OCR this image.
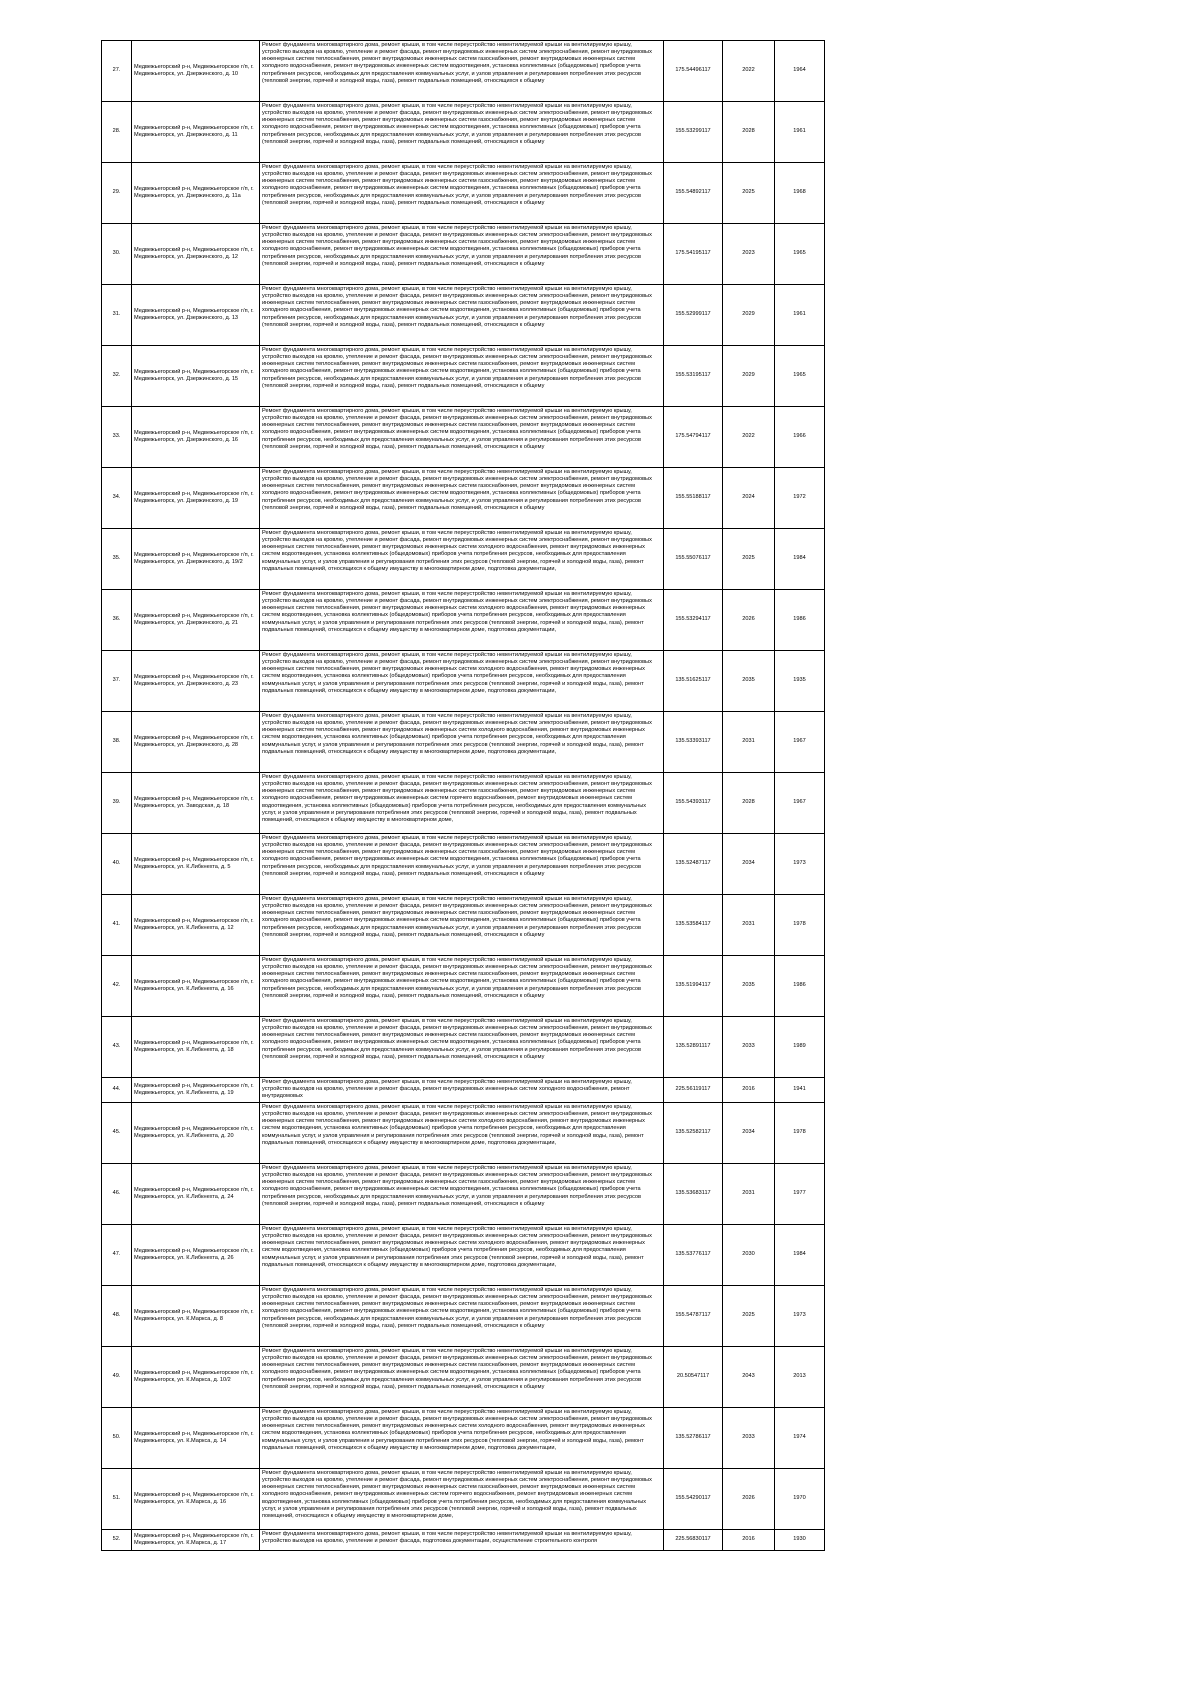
27.	Медвежьегорский р-н, Медвежьегорское г/п, г. Медвежьегорск, ул. Дзержинского, д. 10	Ремонт фундамента многоквартирного дома, ремонт крыши, в том числе переустройство невентилируемой крыши на вентилируемую крышу, устройство выходов на кровлю, утепление и ремонт фасада, ремонт внутридомовых инженерных систем электроснабжения, ремонт внутридомовых инженерных систем теплоснабжения, ремонт внутридомовых инженерных систем газоснабжения, ремонт внутридомовых инженерных систем холодного водоснабжения, ремонт внутридомовых инженерных систем водоотведения, установка коллективных (общедомовых) приборов учета потребления ресурсов, необходимых для предоставления коммунальных услуг, и узлов управления и регулирования потребления этих ресурсов (тепловой энергии, горячей и холодной воды, газа), ремонт подвальных помещений, относящихся к общему	175.54496117	2022	1964
28.	Медвежьегорский р-н, Медвежьегорское г/п, г. Медвежьегорск, ул. Дзержинского, д. 11	Ремонт фундамента многоквартирного дома, ремонт крыши, в том числе переустройство невентилируемой крыши на вентилируемую крышу, устройство выходов на кровлю, утепление и ремонт фасада, ремонт внутридомовых инженерных систем электроснабжения, ремонт внутридомовых инженерных систем теплоснабжения, ремонт внутридомовых инженерных систем газоснабжения, ремонт внутридомовых инженерных систем холодного водоснабжения, ремонт внутридомовых инженерных систем водоотведения, установка коллективных (общедомовых) приборов учета потребления ресурсов, необходимых для предоставления коммунальных услуг, и узлов управления и регулирования потребления этих ресурсов (тепловой энергии, горячей и холодной воды, газа), ремонт подвальных помещений, относящихся к общему	155.53299117	2028	1961
29.	Медвежьегорский р-н, Медвежьегорское г/п, г. Медвежьегорск, ул. Дзержинского, д. 11а	Ремонт фундамента многоквартирного дома, ремонт крыши, в том числе переустройство невентилируемой крыши на вентилируемую крышу, устройство выходов на кровлю, утепление и ремонт фасада, ремонт внутридомовых инженерных систем электроснабжения, ремонт внутридомовых инженерных систем теплоснабжения, ремонт внутридомовых инженерных систем газоснабжения, ремонт внутридомовых инженерных систем холодного водоснабжения, ремонт внутридомовых инженерных систем водоотведения, установка коллективных (общедомовых) приборов учета потребления ресурсов, необходимых для предоставления коммунальных услуг, и узлов управления и регулирования потребления этих ресурсов (тепловой энергии, горячей и холодной воды, газа), ремонт подвальных помещений, относящихся к общему	155.54892117	2025	1968
30.	Медвежьегорский р-н, Медвежьегорское г/п, г. Медвежьегорск, ул. Дзержинского, д. 12	Ремонт фундамента многоквартирного дома, ремонт крыши, в том числе переустройство невентилируемой крыши на вентилируемую крышу, устройство выходов на кровлю, утепление и ремонт фасада, ремонт внутридомовых инженерных систем электроснабжения, ремонт внутридомовых инженерных систем теплоснабжения, ремонт внутридомовых инженерных систем газоснабжения, ремонт внутридомовых инженерных систем холодного водоснабжения, ремонт внутридомовых инженерных систем водоотведения, установка коллективных (общедомовых) приборов учета потребления ресурсов, необходимых для предоставления коммунальных услуг, и узлов управления и регулирования потребления этих ресурсов (тепловой энергии, горячей и холодной воды, газа), ремонт подвальных помещений, относящихся к общему	175.54195117	2023	1965
31.	Медвежьегорский р-н, Медвежьегорское г/п, г. Медвежьегорск, ул. Дзержинского, д. 13	Ремонт фундамента многоквартирного дома, ремонт крыши, в том числе переустройство невентилируемой крыши на вентилируемую крышу, устройство выходов на кровлю, утепление и ремонт фасада, ремонт внутридомовых инженерных систем электроснабжения, ремонт внутридомовых инженерных систем теплоснабжения, ремонт внутридомовых инженерных систем газоснабжения, ремонт внутридомовых инженерных систем холодного водоснабжения, ремонт внутридомовых инженерных систем водоотведения, установка коллективных (общедомовых) приборов учета потребления ресурсов, необходимых для предоставления коммунальных услуг, и узлов управления и регулирования потребления этих ресурсов (тепловой энергии, горячей и холодной воды, газа), ремонт подвальных помещений, относящихся к общему	155.52999117	2029	1961
32.	Медвежьегорский р-н, Медвежьегорское г/п, г. Медвежьегорск, ул. Дзержинского, д. 15	Ремонт фундамента многоквартирного дома, ремонт крыши, в том числе переустройство невентилируемой крыши на вентилируемую крышу, устройство выходов на кровлю, утепление и ремонт фасада, ремонт внутридомовых инженерных систем электроснабжения, ремонт внутридомовых инженерных систем теплоснабжения, ремонт внутридомовых инженерных систем газоснабжения, ремонт внутридомовых инженерных систем холодного водоснабжения, ремонт внутридомовых инженерных систем водоотведения, установка коллективных (общедомовых) приборов учета потребления ресурсов, необходимых для предоставления коммунальных услуг, и узлов управления и регулирования потребления этих ресурсов (тепловой энергии, горячей и холодной воды, газа), ремонт подвальных помещений, относящихся к общему	155.53195117	2029	1965
33.	Медвежьегорский р-н, Медвежьегорское г/п, г. Медвежьегорск, ул. Дзержинского, д. 16	Ремонт фундамента многоквартирного дома, ремонт крыши, в том числе переустройство невентилируемой крыши на вентилируемую крышу, устройство выходов на кровлю, утепление и ремонт фасада, ремонт внутридомовых инженерных систем электроснабжения, ремонт внутридомовых инженерных систем теплоснабжения, ремонт внутридомовых инженерных систем газоснабжения, ремонт внутридомовых инженерных систем холодного водоснабжения, ремонт внутридомовых инженерных систем водоотведения, установка коллективных (общедомовых) приборов учета потребления ресурсов, необходимых для предоставления коммунальных услуг, и узлов управления и регулирования потребления этих ресурсов (тепловой энергии, горячей и холодной воды, газа), ремонт подвальных помещений, относящихся к общему	175.54794117	2022	1966
34.	Медвежьегорский р-н, Медвежьегорское г/п, г. Медвежьегорск, ул. Дзержинского, д. 19	Ремонт фундамента многоквартирного дома, ремонт крыши, в том числе переустройство невентилируемой крыши на вентилируемую крышу, устройство выходов на кровлю, утепление и ремонт фасада, ремонт внутридомовых инженерных систем электроснабжения, ремонт внутридомовых инженерных систем теплоснабжения, ремонт внутридомовых инженерных систем газоснабжения, ремонт внутридомовых инженерных систем холодного водоснабжения, ремонт внутридомовых инженерных систем водоотведения, установка коллективных (общедомовых) приборов учета потребления ресурсов, необходимых для предоставления коммунальных услуг, и узлов управления и регулирования потребления этих ресурсов (тепловой энергии, горячей и холодной воды, газа), ремонт подвальных помещений, относящихся к общему	155.55188117	2024	1972
35.	Медвежьегорский р-н, Медвежьегорское г/п, г. Медвежьегорск, ул. Дзержинского, д. 19/2	Ремонт фундамента многоквартирного дома, ремонт крыши, в том числе переустройство невентилируемой крыши на вентилируемую крышу, устройство выходов на кровлю, утепление и ремонт фасада, ремонт внутридомовых инженерных систем электроснабжения, ремонт внутридомовых инженерных систем теплоснабжения, ремонт внутридомовых инженерных систем холодного водоснабжения, ремонт внутридомовых инженерных систем водоотведения, установка коллективных (общедомовых) приборов учета потребления ресурсов, необходимых для предоставления коммунальных услуг, и узлов управления и регулирования потребления этих ресурсов (тепловой энергии, горячей и холодной воды, газа), ремонт подвальных помещений, относящихся к общему имуществу в многоквартирном доме, подготовка документации,	155.55076117	2025	1984
36.	Медвежьегорский р-н, Медвежьегорское г/п, г. Медвежьегорск, ул. Дзержинского, д. 21	Ремонт фундамента многоквартирного дома, ремонт крыши, в том числе переустройство невентилируемой крыши на вентилируемую крышу, устройство выходов на кровлю, утепление и ремонт фасада, ремонт внутридомовых инженерных систем электроснабжения, ремонт внутридомовых инженерных систем теплоснабжения, ремонт внутридомовых инженерных систем холодного водоснабжения, ремонт внутридомовых инженерных систем водоотведения, установка коллективных (общедомовых) приборов учета потребления ресурсов, необходимых для предоставления коммунальных услуг, и узлов управления и регулирования потребления этих ресурсов (тепловой энергии, горячей и холодной воды, газа), ремонт подвальных помещений, относящихся к общему имуществу в многоквартирном доме, подготовка документации,	155.53294117	2026	1986
37.	Медвежьегорский р-н, Медвежьегорское г/п, г. Медвежьегорск, ул. Дзержинского, д. 23	Ремонт фундамента многоквартирного дома, ремонт крыши, в том числе переустройство невентилируемой крыши на вентилируемую крышу, устройство выходов на кровлю, утепление и ремонт фасада, ремонт внутридомовых инженерных систем электроснабжения, ремонт внутридомовых инженерных систем теплоснабжения, ремонт внутридомовых инженерных систем холодного водоснабжения, ремонт внутридомовых инженерных систем водоотведения, установка коллективных (общедомовых) приборов учета потребления ресурсов, необходимых для предоставления коммунальных услуг, и узлов управления и регулирования потребления этих ресурсов (тепловой энергии, горячей и холодной воды, газа), ремонт подвальных помещений, относящихся к общему имуществу в многоквартирном доме, подготовка документации,	135.51625117	2035	1935
38.	Медвежьегорский р-н, Медвежьегорское г/п, г. Медвежьегорск, ул. Дзержинского, д. 28	Ремонт фундамента многоквартирного дома, ремонт крыши, в том числе переустройство невентилируемой крыши на вентилируемую крышу, устройство выходов на кровлю, утепление и ремонт фасада, ремонт внутридомовых инженерных систем электроснабжения, ремонт внутридомовых инженерных систем теплоснабжения, ремонт внутридомовых инженерных систем холодного водоснабжения, ремонт внутридомовых инженерных систем водоотведения, установка коллективных (общедомовых) приборов учета потребления ресурсов, необходимых для предоставления коммунальных услуг, и узлов управления и регулирования потребления этих ресурсов (тепловой энергии, горячей и холодной воды, газа), ремонт подвальных помещений, относящихся к общему имуществу в многоквартирном доме, подготовка документации,	135.53393117	2031	1967
39.	Медвежьегорский р-н, Медвежьегорское г/п, г. Медвежьегорск, ул. Заводская, д. 18	Ремонт фундамента многоквартирного дома, ремонт крыши, в том числе переустройство невентилируемой крыши на вентилируемую крышу, устройство выходов на кровлю, утепление и ремонт фасада, ремонт внутридомовых инженерных систем электроснабжения, ремонт внутридомовых инженерных систем теплоснабжения, ремонт внутридомовых инженерных систем газоснабжения, ремонт внутридомовых инженерных систем холодного водоснабжения, ремонт внутридомовых инженерных систем горячего водоснабжения, ремонт внутридомовых инженерных систем водоотведения, установка коллективных (общедомовых) приборов учета потребления ресурсов, необходимых для предоставления коммунальных услуг, и узлов управления и регулирования потребления этих ресурсов (тепловой энергии, горячей и холодной воды, газа), ремонт подвальных помещений, относящихся к общему имуществу в многоквартирном доме,	155.54393117	2028	1967
40.	Медвежьегорский р-н, Медвежьегорское г/п, г. Медвежьегорск, ул. К.Либкнехта, д. 5	Ремонт фундамента многоквартирного дома, ремонт крыши, в том числе переустройство невентилируемой крыши на вентилируемую крышу, устройство выходов на кровлю, утепление и ремонт фасада, ремонт внутридомовых инженерных систем электроснабжения, ремонт внутридомовых инженерных систем теплоснабжения, ремонт внутридомовых инженерных систем газоснабжения, ремонт внутридомовых инженерных систем холодного водоснабжения, ремонт внутридомовых инженерных систем водоотведения, установка коллективных (общедомовых) приборов учета потребления ресурсов, необходимых для предоставления коммунальных услуг, и узлов управления и регулирования потребления этих ресурсов (тепловой энергии, горячей и холодной воды, газа), ремонт подвальных помещений, относящихся к общему	135.52487117	2034	1973
41.	Медвежьегорский р-н, Медвежьегорское г/п, г. Медвежьегорск, ул. К.Либкнехта, д. 12	Ремонт фундамента многоквартирного дома, ремонт крыши, в том числе переустройство невентилируемой крыши на вентилируемую крышу, устройство выходов на кровлю, утепление и ремонт фасада, ремонт внутридомовых инженерных систем электроснабжения, ремонт внутридомовых инженерных систем теплоснабжения, ремонт внутридомовых инженерных систем газоснабжения, ремонт внутридомовых инженерных систем холодного водоснабжения, ремонт внутридомовых инженерных систем водоотведения, установка коллективных (общедомовых) приборов учета потребления ресурсов, необходимых для предоставления коммунальных услуг, и узлов управления и регулирования потребления этих ресурсов (тепловой энергии, горячей и холодной воды, газа), ремонт подвальных помещений, относящихся к общему	135.53584117	2031	1978
42.	Медвежьегорский р-н, Медвежьегорское г/п, г. Медвежьегорск, ул. К.Либкнехта, д. 16	Ремонт фундамента многоквартирного дома, ремонт крыши, в том числе переустройство невентилируемой крыши на вентилируемую крышу, устройство выходов на кровлю, утепление и ремонт фасада, ремонт внутридомовых инженерных систем электроснабжения, ремонт внутридомовых инженерных систем теплоснабжения, ремонт внутридомовых инженерных систем газоснабжения, ремонт внутридомовых инженерных систем холодного водоснабжения, ремонт внутридомовых инженерных систем водоотведения, установка коллективных (общедомовых) приборов учета потребления ресурсов, необходимых для предоставления коммунальных услуг, и узлов управления и регулирования потребления этих ресурсов (тепловой энергии, горячей и холодной воды, газа), ремонт подвальных помещений, относящихся к общему	135.51994117	2035	1986
43.	Медвежьегорский р-н, Медвежьегорское г/п, г. Медвежьегорск, ул. К.Либкнехта, д. 18	Ремонт фундамента многоквартирного дома, ремонт крыши, в том числе переустройство невентилируемой крыши на вентилируемую крышу, устройство выходов на кровлю, утепление и ремонт фасада, ремонт внутридомовых инженерных систем электроснабжения, ремонт внутридомовых инженерных систем теплоснабжения, ремонт внутридомовых инженерных систем газоснабжения, ремонт внутридомовых инженерных систем холодного водоснабжения, ремонт внутридомовых инженерных систем водоотведения, установка коллективных (общедомовых) приборов учета потребления ресурсов, необходимых для предоставления коммунальных услуг, и узлов управления и регулирования потребления этих ресурсов (тепловой энергии, горячей и холодной воды, газа), ремонт подвальных помещений, относящихся к общему	135.52891117	2033	1989
44.	Медвежьегорский р-н, Медвежьегорское г/п, г. Медвежьегорск, ул. К.Либкнехта, д. 19	Ремонт фундамента многоквартирного дома, ремонт крыши, в том числе переустройство невентилируемой крыши на вентилируемую крышу, устройство выходов на кровлю, утепление и ремонт фасада, ремонт внутридомовых инженерных систем холодного водоснабжения, ремонт внутридомовых	225.56119117	2016	1941
45.	Медвежьегорский р-н, Медвежьегорское г/п, г. Медвежьегорск, ул. К.Либкнехта, д. 20	Ремонт фундамента многоквартирного дома, ремонт крыши, в том числе переустройство невентилируемой крыши на вентилируемую крышу, устройство выходов на кровлю, утепление и ремонт фасада, ремонт внутридомовых инженерных систем электроснабжения, ремонт внутридомовых инженерных систем теплоснабжения, ремонт внутридомовых инженерных систем холодного водоснабжения, ремонт внутридомовых инженерных систем водоотведения, установка коллективных (общедомовых) приборов учета потребления ресурсов, необходимых для предоставления коммунальных услуг, и узлов управления и регулирования потребления этих ресурсов (тепловой энергии, горячей и холодной воды, газа), ремонт подвальных помещений, относящихся к общему имуществу в многоквартирном доме, подготовка документации,	135.52582117	2034	1978
46.	Медвежьегорский р-н, Медвежьегорское г/п, г. Медвежьегорск, ул. К.Либкнехта, д. 24	Ремонт фундамента многоквартирного дома, ремонт крыши, в том числе переустройство невентилируемой крыши на вентилируемую крышу, устройство выходов на кровлю, утепление и ремонт фасада, ремонт внутридомовых инженерных систем электроснабжения, ремонт внутридомовых инженерных систем теплоснабжения, ремонт внутридомовых инженерных систем газоснабжения, ремонт внутридомовых инженерных систем холодного водоснабжения, ремонт внутридомовых инженерных систем водоотведения, установка коллективных (общедомовых) приборов учета потребления ресурсов, необходимых для предоставления коммунальных услуг, и узлов управления и регулирования потребления этих ресурсов (тепловой энергии, горячей и холодной воды, газа), ремонт подвальных помещений, относящихся к общему	135.53683117	2031	1977
47.	Медвежьегорский р-н, Медвежьегорское г/п, г. Медвежьегорск, ул. К.Либкнехта, д. 26	Ремонт фундамента многоквартирного дома, ремонт крыши, в том числе переустройство невентилируемой крыши на вентилируемую крышу, устройство выходов на кровлю, утепление и ремонт фасада, ремонт внутридомовых инженерных систем электроснабжения, ремонт внутридомовых инженерных систем теплоснабжения, ремонт внутридомовых инженерных систем холодного водоснабжения, ремонт внутридомовых инженерных систем водоотведения, установка коллективных (общедомовых) приборов учета потребления ресурсов, необходимых для предоставления коммунальных услуг, и узлов управления и регулирования потребления этих ресурсов (тепловой энергии, горячей и холодной воды, газа), ремонт подвальных помещений, относящихся к общему имуществу в многоквартирном доме, подготовка документации,	135.53776117	2030	1984
48.	Медвежьегорский р-н, Медвежьегорское г/п, г. Медвежьегорск, ул. К.Маркса, д. 8	Ремонт фундамента многоквартирного дома, ремонт крыши, в том числе переустройство невентилируемой крыши на вентилируемую крышу, устройство выходов на кровлю, утепление и ремонт фасада, ремонт внутридомовых инженерных систем электроснабжения, ремонт внутридомовых инженерных систем теплоснабжения, ремонт внутридомовых инженерных систем газоснабжения, ремонт внутридомовых инженерных систем холодного водоснабжения, ремонт внутридомовых инженерных систем водоотведения, установка коллективных (общедомовых) приборов учета потребления ресурсов, необходимых для предоставления коммунальных услуг, и узлов управления и регулирования потребления этих ресурсов (тепловой энергии, горячей и холодной воды, газа), ремонт подвальных помещений, относящихся к общему	155.54787117	2025	1973
49.	Медвежьегорский р-н, Медвежьегорское г/п, г. Медвежьегорск, ул. К.Маркса, д. 10/2	Ремонт фундамента многоквартирного дома, ремонт крыши, в том числе переустройство невентилируемой крыши на вентилируемую крышу, устройство выходов на кровлю, утепление и ремонт фасада, ремонт внутридомовых инженерных систем электроснабжения, ремонт внутридомовых инженерных систем теплоснабжения, ремонт внутридомовых инженерных систем газоснабжения, ремонт внутридомовых инженерных систем холодного водоснабжения, ремонт внутридомовых инженерных систем водоотведения, установка коллективных (общедомовых) приборов учета потребления ресурсов, необходимых для предоставления коммунальных услуг, и узлов управления и регулирования потребления этих ресурсов (тепловой энергии, горячей и холодной воды, газа), ремонт подвальных помещений, относящихся к общему	20.50547117	2043	2013
50.	Медвежьегорский р-н, Медвежьегорское г/п, г. Медвежьегорск, ул. К.Маркса, д. 14	Ремонт фундамента многоквартирного дома, ремонт крыши, в том числе переустройство невентилируемой крыши на вентилируемую крышу, устройство выходов на кровлю, утепление и ремонт фасада, ремонт внутридомовых инженерных систем электроснабжения, ремонт внутридомовых инженерных систем теплоснабжения, ремонт внутридомовых инженерных систем холодного водоснабжения, ремонт внутридомовых инженерных систем водоотведения, установка коллективных (общедомовых) приборов учета потребления ресурсов, необходимых для предоставления коммунальных услуг, и узлов управления и регулирования потребления этих ресурсов (тепловой энергии, горячей и холодной воды, газа), ремонт подвальных помещений, относящихся к общему имуществу в многоквартирном доме, подготовка документации,	135.52786117	2033	1974
51.	Медвежьегорский р-н, Медвежьегорское г/п, г. Медвежьегорск, ул. К.Маркса, д. 16	Ремонт фундамента многоквартирного дома, ремонт крыши, в том числе переустройство невентилируемой крыши на вентилируемую крышу, устройство выходов на кровлю, утепление и ремонт фасада, ремонт внутридомовых инженерных систем электроснабжения, ремонт внутридомовых инженерных систем теплоснабжения, ремонт внутридомовых инженерных систем газоснабжения, ремонт внутридомовых инженерных систем холодного водоснабжения, ремонт внутридомовых инженерных систем горячего водоснабжения, ремонт внутридомовых инженерных систем водоотведения, установка коллективных (общедомовых) приборов учета потребления ресурсов, необходимых для предоставления коммунальных услуг, и узлов управления и регулирования потребления этих ресурсов (тепловой энергии, горячей и холодной воды, газа), ремонт подвальных помещений, относящихся к общему имуществу в многоквартирном доме,	155.54290117	2026	1970
52.	Медвежьегорский р-н, Медвежьегорское г/п, г. Медвежьегорск, ул. К.Маркса, д. 17	Ремонт фундамента многоквартирного дома, ремонт крыши, в том числе переустройство невентилируемой крыши на вентилируемую крышу, устройство выходов на кровлю, утепление и ремонт фасада, подготовка документации, осуществление строительного контроля	225.56830117	2016	1930
